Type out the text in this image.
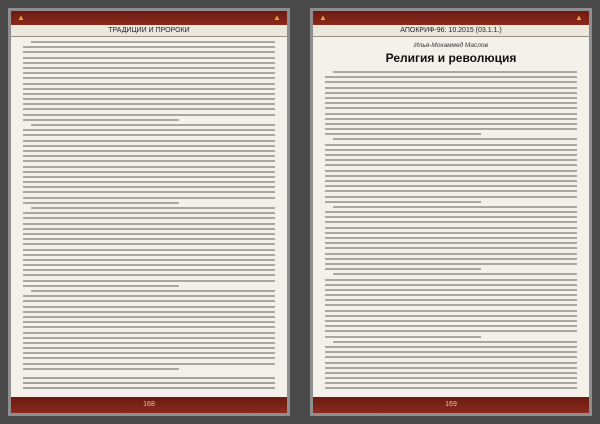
▲	▲
ТРАДИЦИИ И ПРОРОКИ
168
▲	▲
АПОКРИФ-96: 10.2015 (03.1.1.)
Илья-Мохаммед Маслов
Религия и революция
169
